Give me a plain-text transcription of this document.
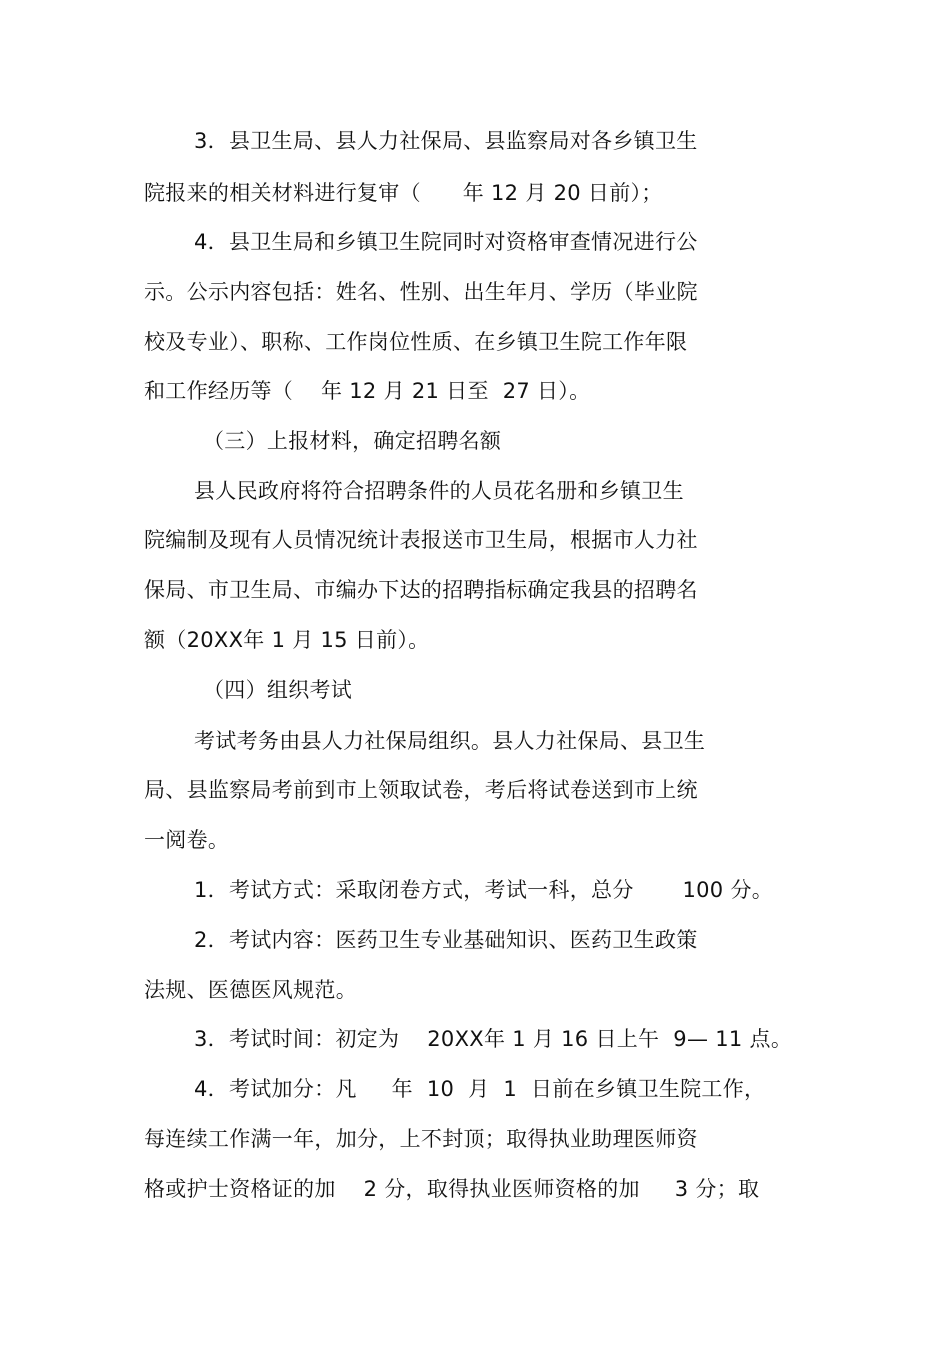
3．县卫生局、县人力社保局、县监察局对各乡镇卫生
院报来的相关材料进行复审（      年 12 月 20 日前）；
4．县卫生局和乡镇卫生院同时对资格审查情况进行公
示。公示内容包括：姓名、性别、出生年月、学历（毕业院
校及专业）、职称、工作岗位性质、在乡镇卫生院工作年限
和工作经历等（    年 12 月 21 日至  27 日）。
（三）上报材料，确定招聘名额
县人民政府将符合招聘条件的人员花名册和乡镇卫生
院编制及现有人员情况统计表报送市卫生局，根据市人力社
保局、市卫生局、市编办下达的招聘指标确定我县的招聘名
额（20XX年 1 月 15 日前）。
（四）组织考试
考试考务由县人力社保局组织。县人力社保局、县卫生
局、县监察局考前到市上领取试卷，考后将试卷送到市上统
一阅卷。
1．考试方式：采取闭卷方式，考试一科，总分       100 分。
2．考试内容：医药卫生专业基础知识、医药卫生政策
法规、医德医风规范。
3．考试时间：初定为    20XX年 1 月 16 日上午  9— 11 点。
4．考试加分：凡     年  10  月  1  日前在乡镇卫生院工作，
每连续工作满一年，加分，上不封顶；取得执业助理医师资
格或护士资格证的加    2 分，取得执业医师资格的加     3 分；取
